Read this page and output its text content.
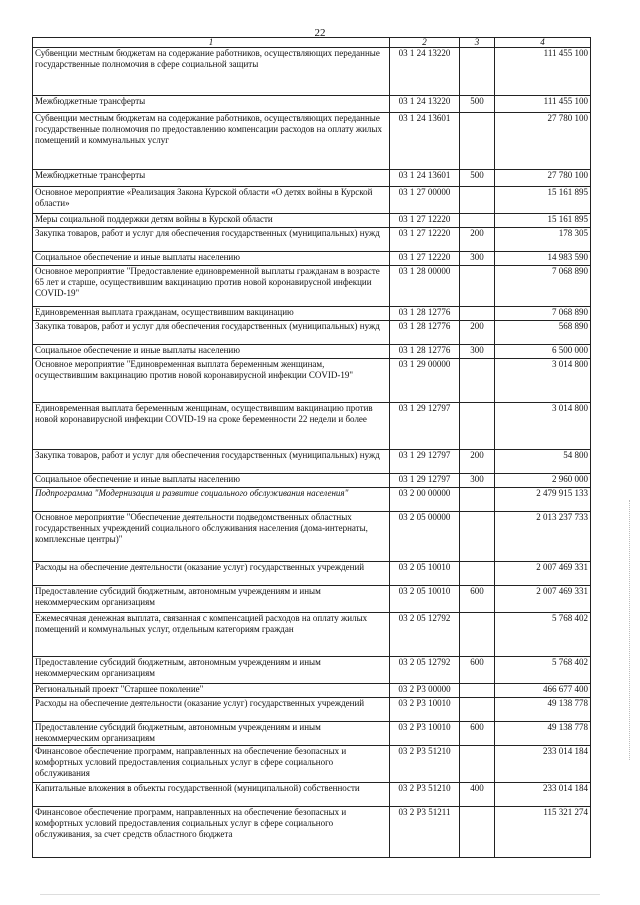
22
1	2	3	4
Субвенции местным бюджетам на содержание работников, осуществляющих переданные государственные полномочия в сфере социальной защиты	03 1 24 13220		111 455 100
Межбюджетные трансферты	03 1 24 13220	500	111 455 100
Субвенции местным бюджетам на содержание работников, осуществляющих переданные государственные полномочия по предоставлению компенсации расходов на оплату жилых помещений и коммунальных услуг	03 1 24 13601		27 780 100
Межбюджетные трансферты	03 1 24 13601	500	27 780 100
Основное мероприятие «Реализация Закона Курской области «О детях войны в Курской области»	03 1 27 00000		15 161 895
Меры социальной поддержки детям войны в Курской области	03 1 27 12220		15 161 895
Закупка товаров, работ и услуг для обеспечения государственных (муниципальных) нужд	03 1 27 12220	200	178 305
Социальное обеспечение и иные выплаты населению	03 1 27 12220	300	14 983 590
Основное мероприятие "Предоставление единовременной выплаты гражданам в возрасте 65 лет и старше, осуществившим вакцинацию против новой коронавирусной инфекции COVID-19"	03 1 28 00000		7 068 890
Единовременная выплата гражданам, осуществившим вакцинацию	03 1 28 12776		7 068 890
Закупка товаров, работ и услуг для обеспечения государственных (муниципальных) нужд	03 1 28 12776	200	568 890
Социальное обеспечение и иные выплаты населению	03 1 28 12776	300	6 500 000
Основное мероприятие "Единовременная выплата беременным женщинам, осуществившим вакцинацию против новой коронавирусной инфекции COVID-19"	03 1 29 00000		3 014 800
Единовременная выплата беременным женщинам, осуществившим вакцинацию против новой коронавирусной инфекции COVID-19 на сроке беременности 22 недели и более	03 1 29 12797		3 014 800
Закупка товаров, работ и услуг для обеспечения государственных (муниципальных) нужд	03 1 29 12797	200	54 800
Социальное обеспечение и иные выплаты населению	03 1 29 12797	300	2 960 000
Подпрограмма "Модернизация и развитие социального обслуживания населения"	03 2 00 00000		2 479 915 133
Основное мероприятие "Обеспечение деятельности подведомственных областных государственных учреждений социального обслуживания населения (дома-интернаты, комплексные центры)"	03 2 05 00000		2 013 237 733
Расходы на обеспечение деятельности (оказание услуг) государственных учреждений	03 2 05 10010		2 007 469 331
Предоставление субсидий бюджетным, автономным учреждениям и иным некоммерческим организациям	03 2 05 10010	600	2 007 469 331
Ежемесячная денежная выплата, связанная с компенсацией расходов на оплату жилых помещений и коммунальных услуг, отдельным категориям граждан	03 2 05 12792		5 768 402
Предоставление субсидий бюджетным, автономным учреждениям и иным некоммерческим организациям	03 2 05 12792	600	5 768 402
Региональный проект "Старшее поколение"	03 2 P3 00000		466 677 400
Расходы на обеспечение деятельности (оказание услуг) государственных учреждений	03 2 P3 10010		49 138 778
Предоставление субсидий бюджетным, автономным учреждениям и иным некоммерческим организациям	03 2 P3 10010	600	49 138 778
Финансовое обеспечение программ, направленных на обеспечение безопасных и комфортных условий предоставления социальных услуг в сфере социального обслуживания	03 2 P3 51210		233 014 184
Капитальные вложения в объекты государственной (муниципальной) собственности	03 2 P3 51210	400	233 014 184
Финансовое обеспечение программ, направленных на обеспечение безопасных и комфортных условий предоставления социальных услуг в сфере социального обслуживания, за счет средств областного бюджета	03 2 P3 51211		115 321 274
